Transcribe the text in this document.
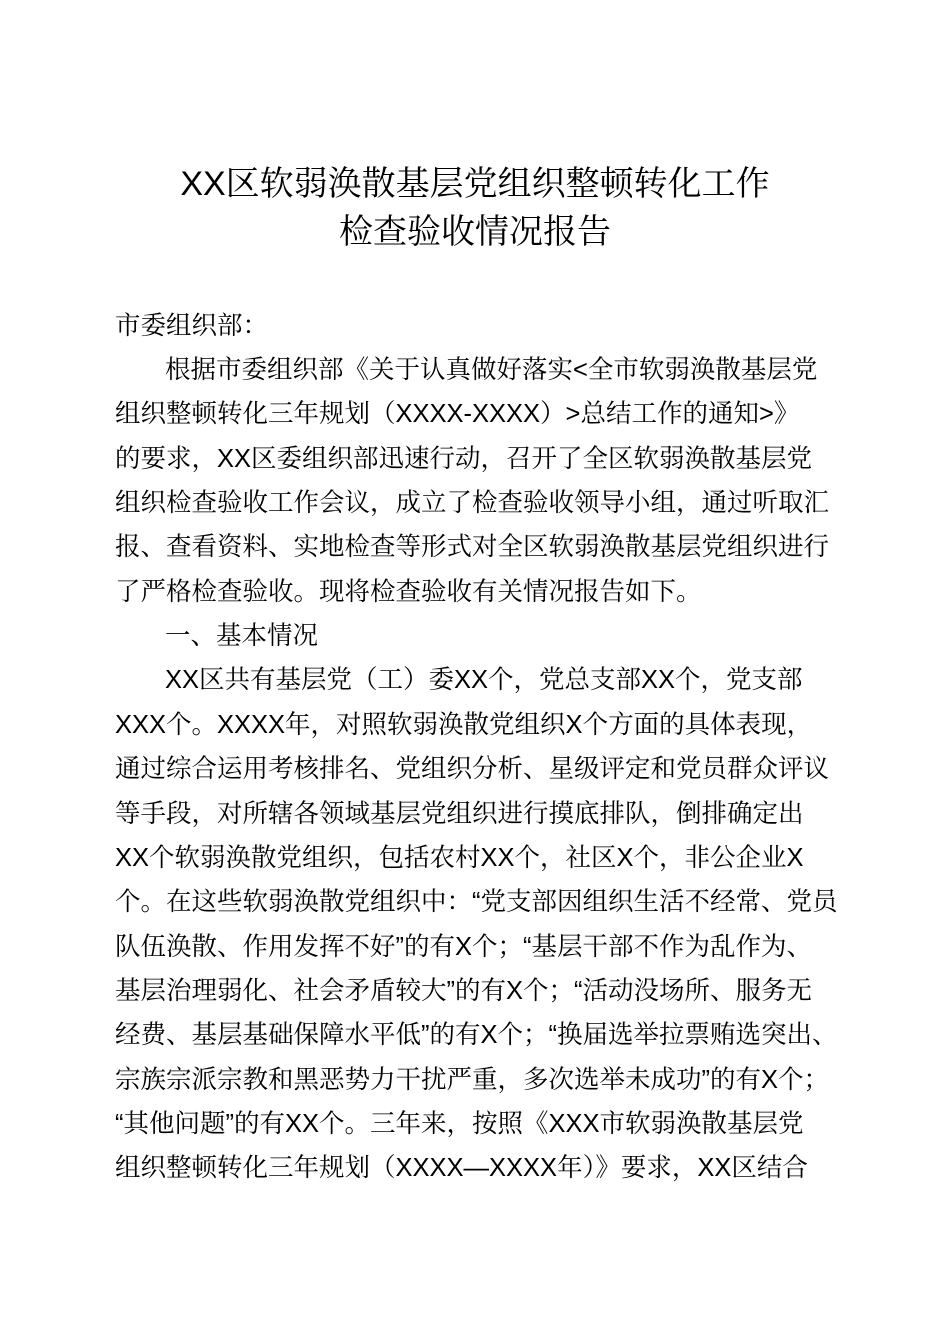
XX区软弱涣散基层党组织整顿转化工作
检查验收情况报告
市委组织部：
根据市委组织部《关于认真做好落实<全市软弱涣散基层党
组织整顿转化三年规划（XXXX-XXXX）>总结工作的通知>》
的要求，XX区委组织部迅速行动，召开了全区软弱涣散基层党
组织检查验收工作会议，成立了检查验收领导小组，通过听取汇
报、查看资料、实地检查等形式对全区软弱涣散基层党组织进行
了严格检查验收。现将检查验收有关情况报告如下。
一、基本情况
XX区共有基层党（工）委XX个，党总支部XX个，党支部
XXX个。XXXX年，对照软弱涣散党组织X个方面的具体表现，
通过综合运用考核排名、党组织分析、星级评定和党员群众评议
等手段，对所辖各领域基层党组织进行摸底排队，倒排确定出
XX个软弱涣散党组织，包括农村XX个，社区X个，非公企业X
个。在这些软弱涣散党组织中：“党支部因组织生活不经常、党员
队伍涣散、作用发挥不好”的有X个；“基层干部不作为乱作为、
基层治理弱化、社会矛盾较大”的有X个；“活动没场所、服务无
经费、基层基础保障水平低”的有X个；“换届选举拉票贿选突出、
宗族宗派宗教和黑恶势力干扰严重，多次选举未成功”的有X个；
“其他问题”的有XX个。三年来，按照《XXX市软弱涣散基层党
组织整顿转化三年规划（XXXX—XXXX年）》要求，XX区结合
